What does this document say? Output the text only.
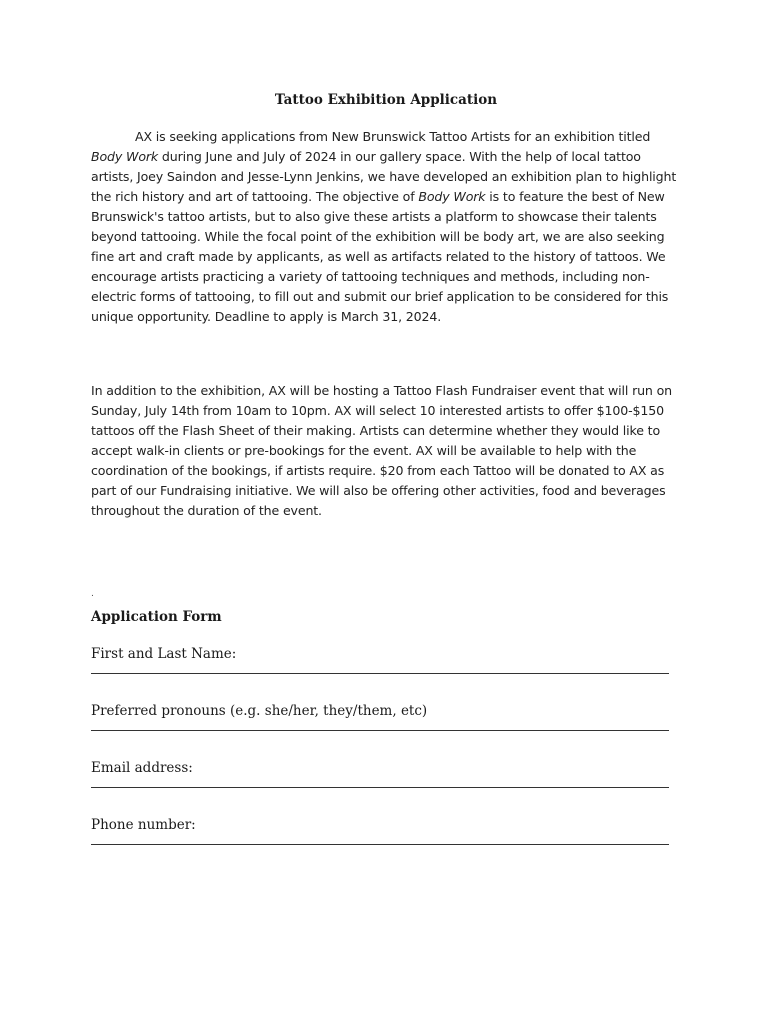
Tattoo Exhibition Application

AX is seeking applications from New Brunswick Tattoo Artists for an exhibition titled Body Work during June and July of 2024 in our gallery space. With the help of local tattoo artists, Joey Saindon and Jesse-Lynn Jenkins, we have developed an exhibition plan to highlight the rich history and art of tattooing. The objective of Body Work is to feature the best of New Brunswick's tattoo artists, but to also give these artists a platform to showcase their talents beyond tattooing. While the focal point of the exhibition will be body art, we are also seeking fine art and craft made by applicants, as well as artifacts related to the history of tattoos. We encourage artists practicing a variety of tattooing techniques and methods, including non-electric forms of tattooing, to fill out and submit our brief application to be considered for this unique opportunity. Deadline to apply is March 31, 2024.

In addition to the exhibition, AX will be hosting a Tattoo Flash Fundraiser event that will run on Sunday, July 14th from 10am to 10pm. AX will select 10 interested artists to offer $100-$150 tattoos off the Flash Sheet of their making. Artists can determine whether they would like to accept walk-in clients or pre-bookings for the event. AX will be available to help with the coordination of the bookings, if artists require. $20 from each Tattoo will be donated to AX as part of our Fundraising initiative. We will also be offering other activities, food and beverages throughout the duration of the event.

.
Application Form
First and Last Name:
Preferred pronouns (e.g. she/her, they/them, etc)
Email address:
Phone number:
